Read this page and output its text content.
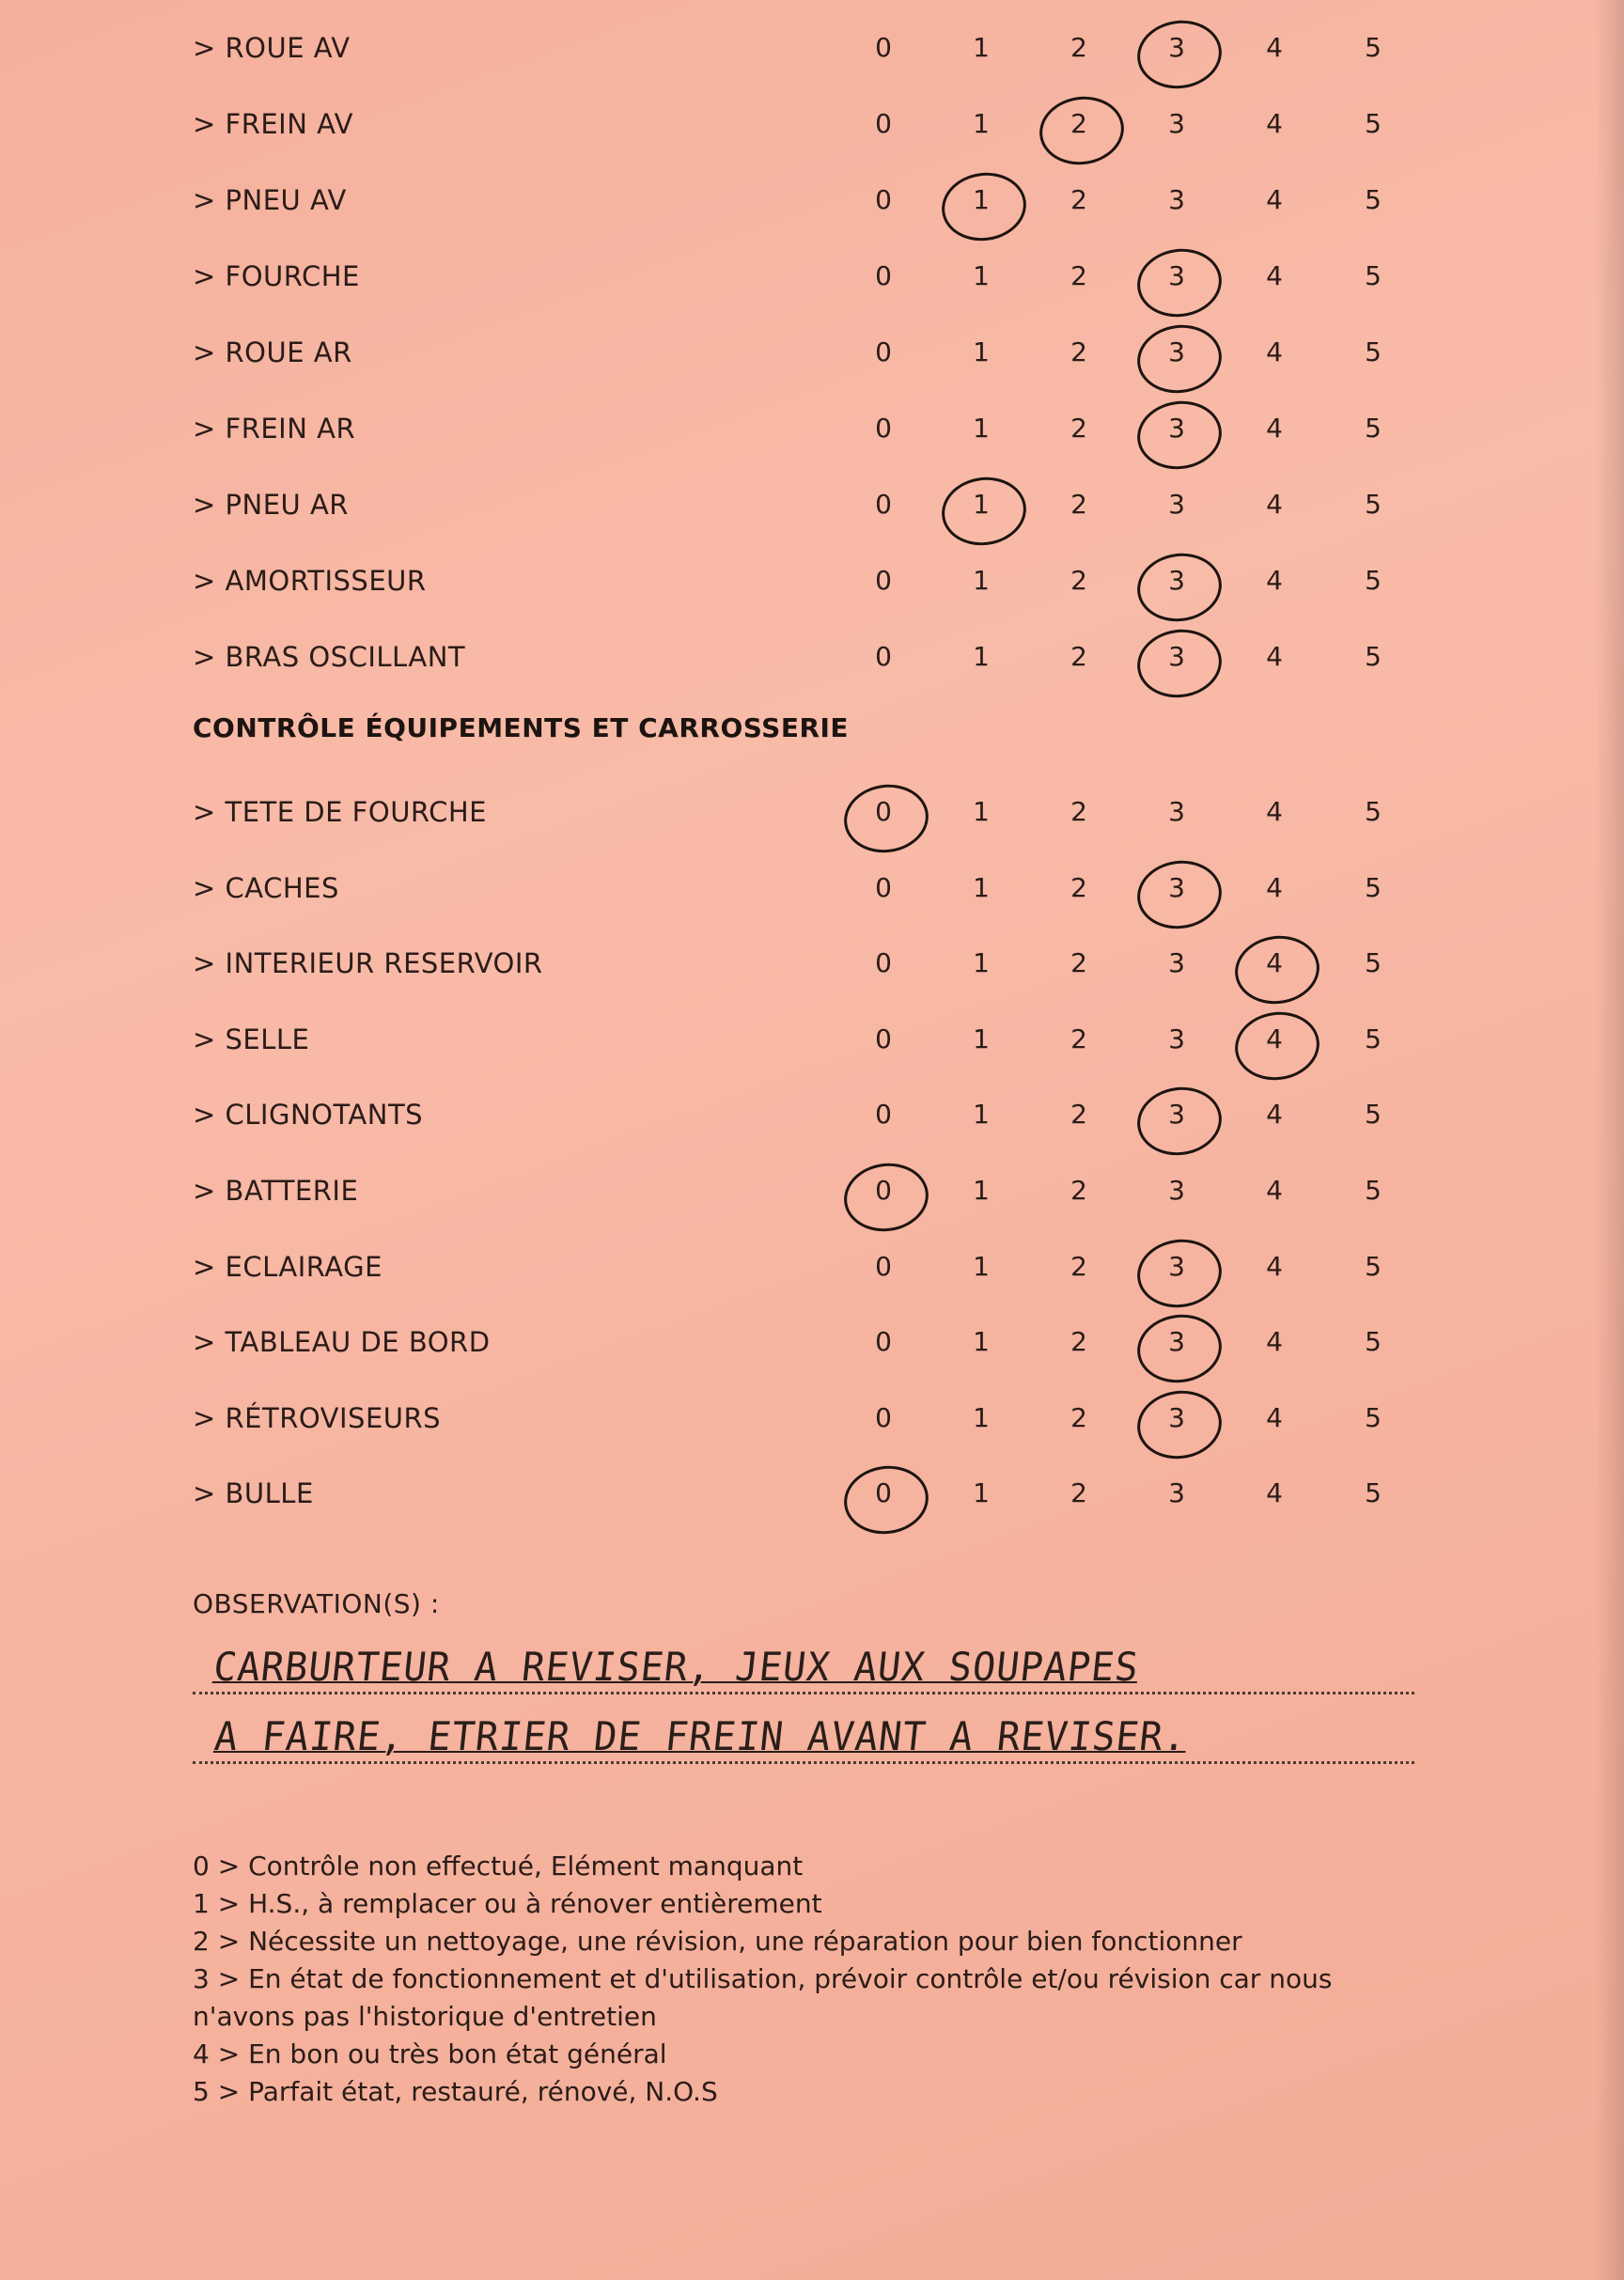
> ROUE AV	0	1	2	3	4	5
> FREIN AV	0	1	2	3	4	5
> PNEU AV	0	1	2	3	4	5
> FOURCHE	0	1	2	3	4	5
> ROUE AR	0	1	2	3	4	5
> FREIN AR	0	1	2	3	4	5
> PNEU AR	0	1	2	3	4	5
> AMORTISSEUR	0	1	2	3	4	5
> BRAS OSCILLANT	0	1	2	3	4	5
CONTRÔLE ÉQUIPEMENTS ET CARROSSERIE
> TETE DE FOURCHE	0	1	2	3	4	5
> CACHES	0	1	2	3	4	5
> INTERIEUR RESERVOIR	0	1	2	3	4	5
> SELLE	0	1	2	3	4	5
> CLIGNOTANTS	0	1	2	3	4	5
> BATTERIE	0	1	2	3	4	5
> ECLAIRAGE	0	1	2	3	4	5
> TABLEAU DE BORD	0	1	2	3	4	5
> RÉTROVISEURS	0	1	2	3	4	5
> BULLE	0	1	2	3	4	5
OBSERVATION(S) :
CARBURTEUR A REVISER, JEUX AUX SOUPAPES
A FAIRE, ETRIER DE FREIN AVANT A REVISER.
0 > Contrôle non effectué, Elément manquant
1 > H.S., à remplacer ou à rénover entièrement
2 > Nécessite un nettoyage, une révision, une réparation pour bien fonctionner
3 > En état de fonctionnement et d'utilisation, prévoir contrôle et/ou révision car nous n'avons pas l'historique d'entretien
4 > En bon ou très bon état général
5 > Parfait état, restauré, rénové, N.O.S
